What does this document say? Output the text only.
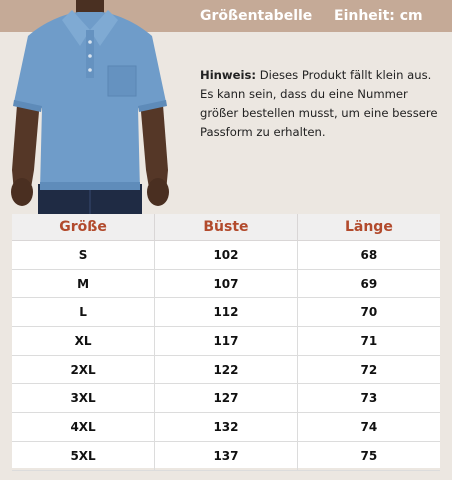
Größentabelle Einheit: cm
Hinweis: Dieses Produkt fällt klein aus. Es kann sein, dass du eine Nummer größer bestellen musst, um eine bessere Passform zu erhalten.
Größe	Büste	Länge
S	102	68
M	107	69
L	112	70
XL	117	71
2XL	122	72
3XL	127	73
4XL	132	74
5XL	137	75
